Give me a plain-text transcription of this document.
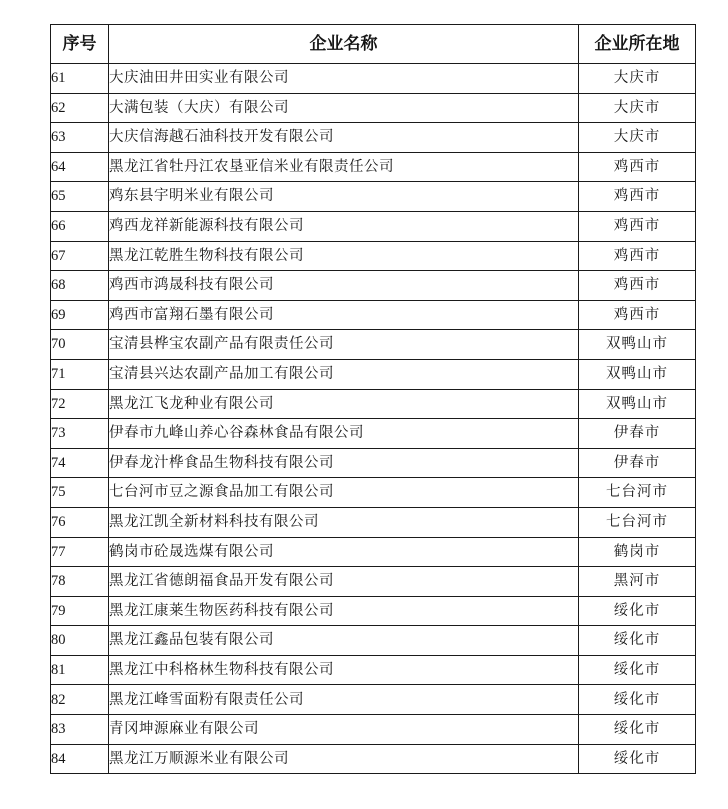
序号	企业名称	企业所在地
61	大庆油田井田实业有限公司	大庆市
62	大满包装（大庆）有限公司	大庆市
63	大庆信海越石油科技开发有限公司	大庆市
64	黑龙江省牡丹江农垦亚信米业有限责任公司	鸡西市
65	鸡东县宇明米业有限公司	鸡西市
66	鸡西龙祥新能源科技有限公司	鸡西市
67	黑龙江乾胜生物科技有限公司	鸡西市
68	鸡西市鸿晟科技有限公司	鸡西市
69	鸡西市富翔石墨有限公司	鸡西市
70	宝清县桦宝农副产品有限责任公司	双鸭山市
71	宝清县兴达农副产品加工有限公司	双鸭山市
72	黑龙江飞龙种业有限公司	双鸭山市
73	伊春市九峰山养心谷森林食品有限公司	伊春市
74	伊春龙汁桦食品生物科技有限公司	伊春市
75	七台河市豆之源食品加工有限公司	七台河市
76	黑龙江凯全新材料科技有限公司	七台河市
77	鹤岗市砼晟选煤有限公司	鹤岗市
78	黑龙江省德朗福食品开发有限公司	黑河市
79	黑龙江康莱生物医药科技有限公司	绥化市
80	黑龙江鑫品包装有限公司	绥化市
81	黑龙江中科格林生物科技有限公司	绥化市
82	黑龙江峰雪面粉有限责任公司	绥化市
83	青冈坤源麻业有限公司	绥化市
84	黑龙江万顺源米业有限公司	绥化市
